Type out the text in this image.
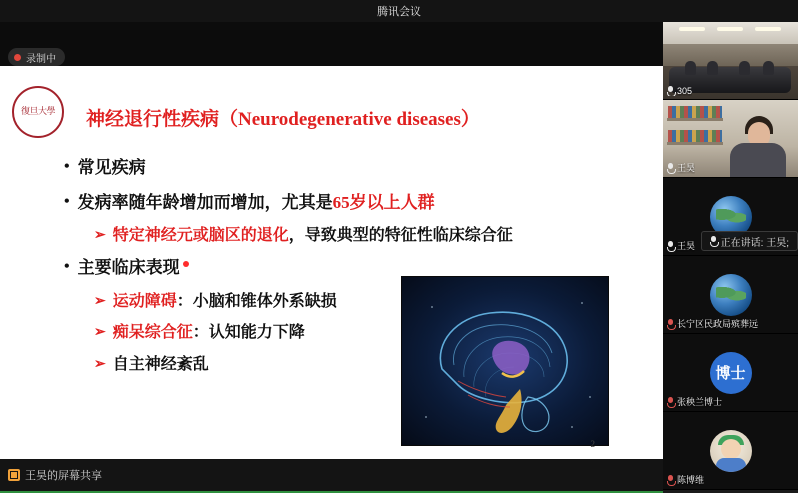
腾讯会议
录制中
復旦大學 神经退行性疾病（Neurodegenerative diseases）
• 常见疾病
• 发病率随年龄增加而增加，尤其是65岁以上人群
➢ 特定神经元或脑区的退化，导致典型的特征性临床综合征
• 主要临床表现
➢ 运动障碍：小脑和锥体外系缺损
➢ 痴呆综合征：认知能力下降
➢ 自主神经紊乱
2
王昊的屏幕共享
305
王昊
王昊
长宁区民政局殡葬远
博士
张秧兰博士
陈博维
正在讲话: 王昊;
